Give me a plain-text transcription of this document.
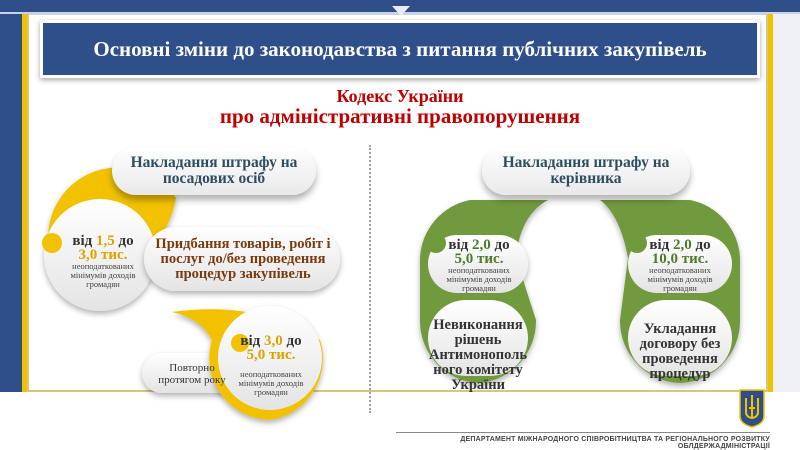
Основні зміни до законодавства з питання публічних закупівель
Кодекс України
про адміністративні правопорушення
Накладання штрафу на
посадових осіб
Накладання штрафу на
керівника
від 1,5 до
3,0 тис.
неоподаткованих
мінімумів доходів
громадян
Придбання товарів, робіт і
послуг до/без проведення
процедур закупівель
від 3,0 до
5,0 тис.
неоподаткованих
мінімумів доходів
громадян
Повторно
протягом року
від 2,0 до
5,0 тис.
неоподаткованих
мінімумів доходів
громадян
Невиконання
рішень
Антимонополь
ного комітету
України
від 2,0 до
10,0 тис.
неоподаткованих
мінімумів доходів
громадян
Укладання
договору без
проведення
процедур
ДЕПАРТАМЕНТ МІЖНАРОДНОГО СПІВРОБІТНИЦТВА ТА РЕГІОНАЛЬНОГО РОЗВИТКУ ОБЛДЕРЖАДМІНІСТРАЦІЇ
